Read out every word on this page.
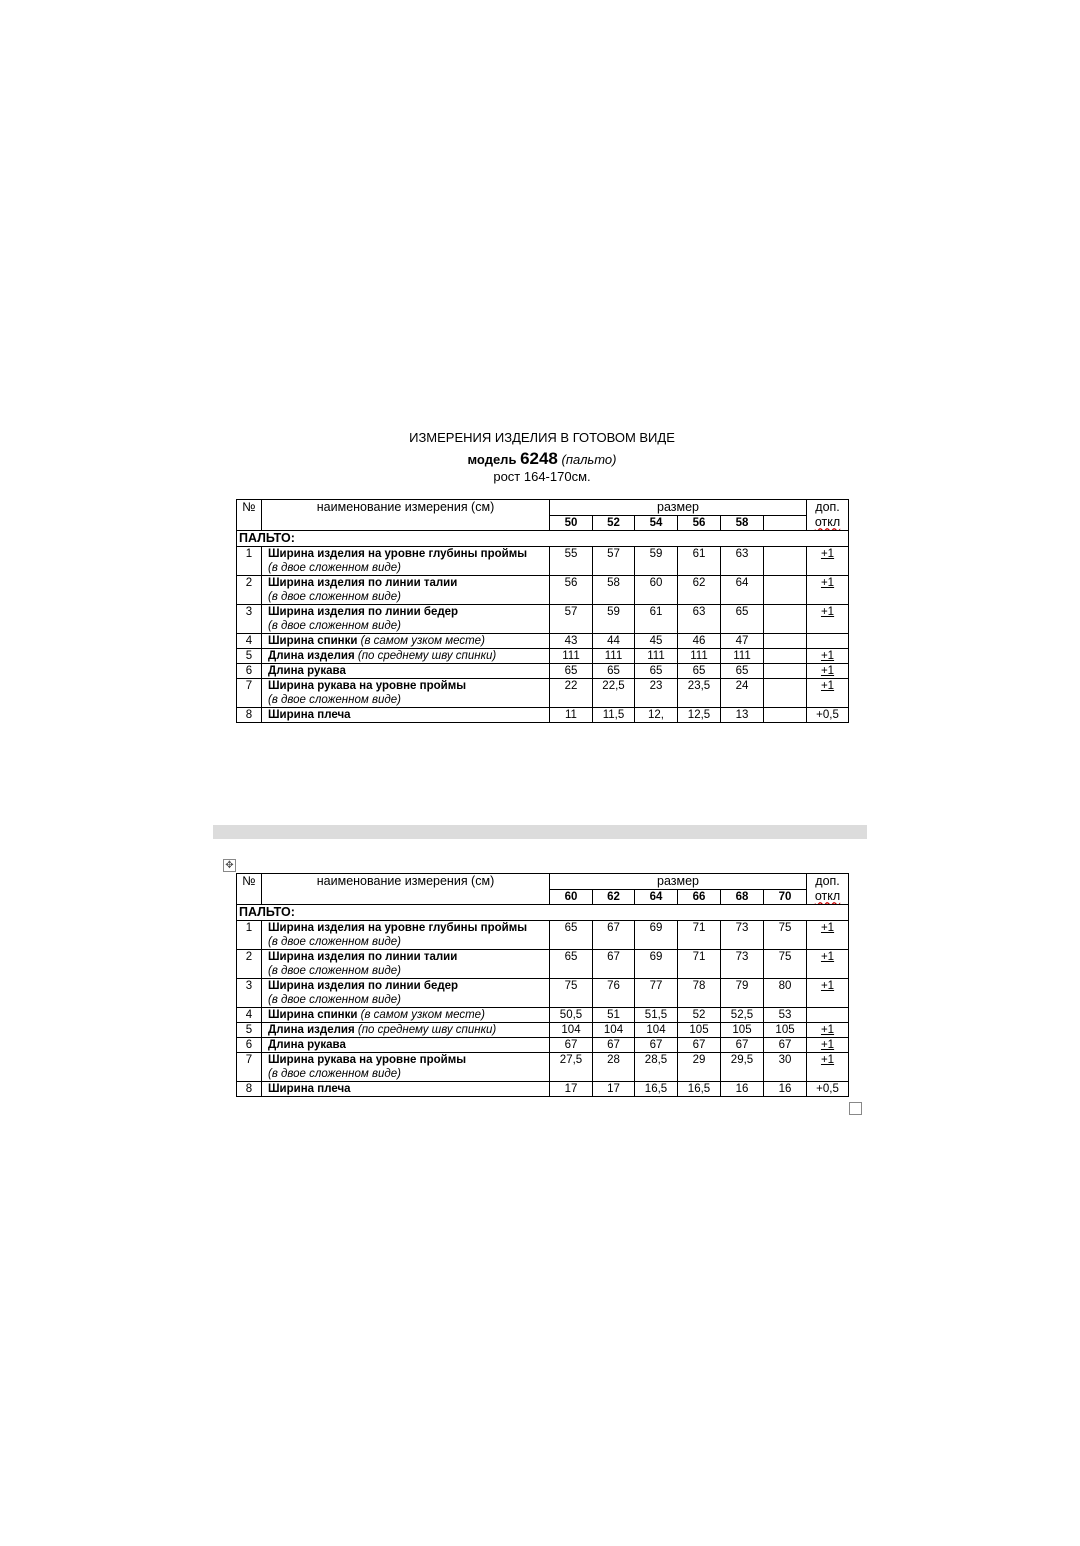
ИЗМЕРЕНИЯ ИЗДЕЛИЯ В ГОТОВОМ ВИДЕ
модель 6248 (пальто)
рост 164-170см.
№	наименование измерения (см)	размер						доп.
откл

		50	52	54	56	58		
ПАЛЬТО:								
1	Ширина изделия на уровне глубины проймы
(в двое сложенном виде)	55	57	59	61	63		+1
2	Ширина изделия по линии талии
(в двое сложенном виде)	56	58	60	62	64		+1
3	Ширина изделия по линии бедер
(в двое сложенном виде)	57	59	61	63	65		+1
4	Ширина спинки (в самом узком месте)	43	44	45	46	47		
5	Длина изделия (по среднему шву спинки)	111	111	111	111	111		+1
6	Длина рукава	65	65	65	65	65		+1
7	Ширина рукава на уровне проймы
(в двое сложенном виде)	22	22,5	23	23,5	24		+1
8	Ширина плеча	11	11,5	12,	12,5	13		+0,5
✥
№	наименование измерения (см)	размер						доп.
откл

		60	62	64	66	68	70	
ПАЛЬТО:								
1	Ширина изделия на уровне глубины проймы
(в двое сложенном виде)	65	67	69	71	73	75	+1
2	Ширина изделия по линии талии
(в двое сложенном виде)	65	67	69	71	73	75	+1
3	Ширина изделия по линии бедер
(в двое сложенном виде)	75	76	77	78	79	80	+1
4	Ширина спинки (в самом узком месте)	50,5	51	51,5	52	52,5	53	
5	Длина изделия (по среднему шву спинки)	104	104	104	105	105	105	+1
6	Длина рукава	67	67	67	67	67	67	+1
7	Ширина рукава на уровне проймы
(в двое сложенном виде)	27,5	28	28,5	29	29,5	30	+1
8	Ширина плеча	17	17	16,5	16,5	16	16	+0,5
